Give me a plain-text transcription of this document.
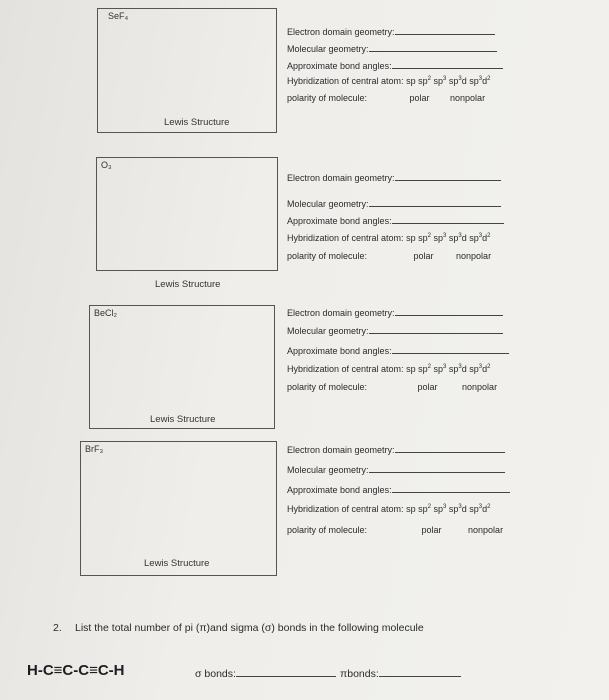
SeF₄
Lewis Structure
Electron domain geometry:
Molecular geometry:
Approximate bond angles:
Hybridization of central atom: sp $sp^2$ $sp^3$ $sp^3d$ $sp^3d^2$
polarity of molecule:	polar nonpolar
O₃
Lewis Structure
Electron domain geometry:
Molecular geometry:
Approximate bond angles:
Hybridization of central atom: sp $sp^2$ $sp^3$ $sp^3d$ $sp^3d^2$
polarity of molecule:	polar	nonpolar
BeCl₂
Lewis Structure
Electron domain geometry:
Molecular geometry:
Approximate bond angles:
Hybridization of central atom: sp $sp^2$ $sp^3$ $sp^3d$ $sp^3d^2$
polarity of molecule:	polar	nonpolar
BrF₃
Lewis Structure
Electron domain geometry:
Molecular geometry:
Approximate bond angles:
Hybridization of central atom: sp $sp^2$ $sp^3$ $sp^3d$ $sp^3d^2$
polarity of molecule:	polar	nonpolar
2. List the total number of pi (π)and sigma (σ) bonds in the following molecule
H-C≡C-C≡C-H	σ bonds:	πbonds:
